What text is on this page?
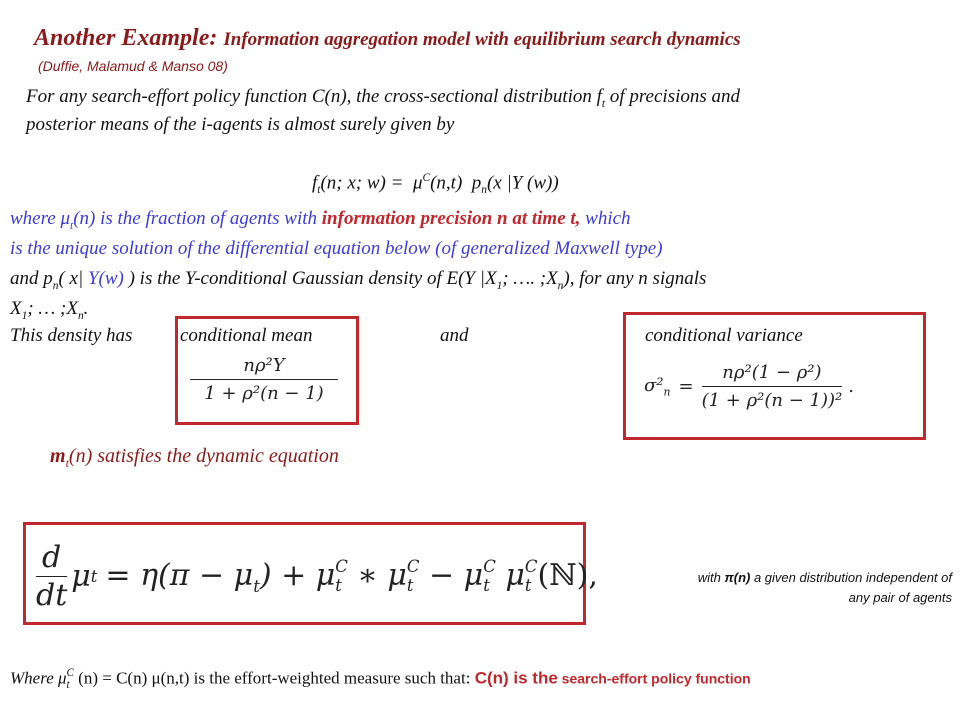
Another Example: Information aggregation model with equilibrium search dynamics
(Duffie, Malamud & Manso 08)
For any search-effort policy function C(n), the cross-sectional distribution $f_t$ of precisions and
posterior means of the i-agents is almost surely given by
$f_t(n$; x; $w) = \mu^C(n,t)$  $p_n(x$ |Y (w))
where $\mu_t(n)$ is the fraction of agents with information precision n at time t, which
is the unique solution of the differential equation below (of generalized Maxwell type)
and $p_n$( x| Y(w) ) is the Y-conditional Gaussian density of E(Y $|X_1$; …. $;X_n$), for any n signals
$X_1$; … $;X_n$.
This density has	conditional mean	and	conditional variance
nρ²Y
1 + ρ²(n − 1)	$\sigma^2_n$ =
nρ²(1 − ρ²)
(1 + ρ²(n − 1))²
.
$m_t(n)$ satisfies the dynamic equation
d
dt
μ $t = \eta(\pi - \mu_t) + \mu$ C
t ∗ μ C
t − μ C
t μ C
t (ℕ),	with π(n) a given distribution independent of
any pair of agents
Where μ C
t (n) = C(n) μ(n,t) is the effort-weighted measure such that: C(n) is the search-effort policy function
